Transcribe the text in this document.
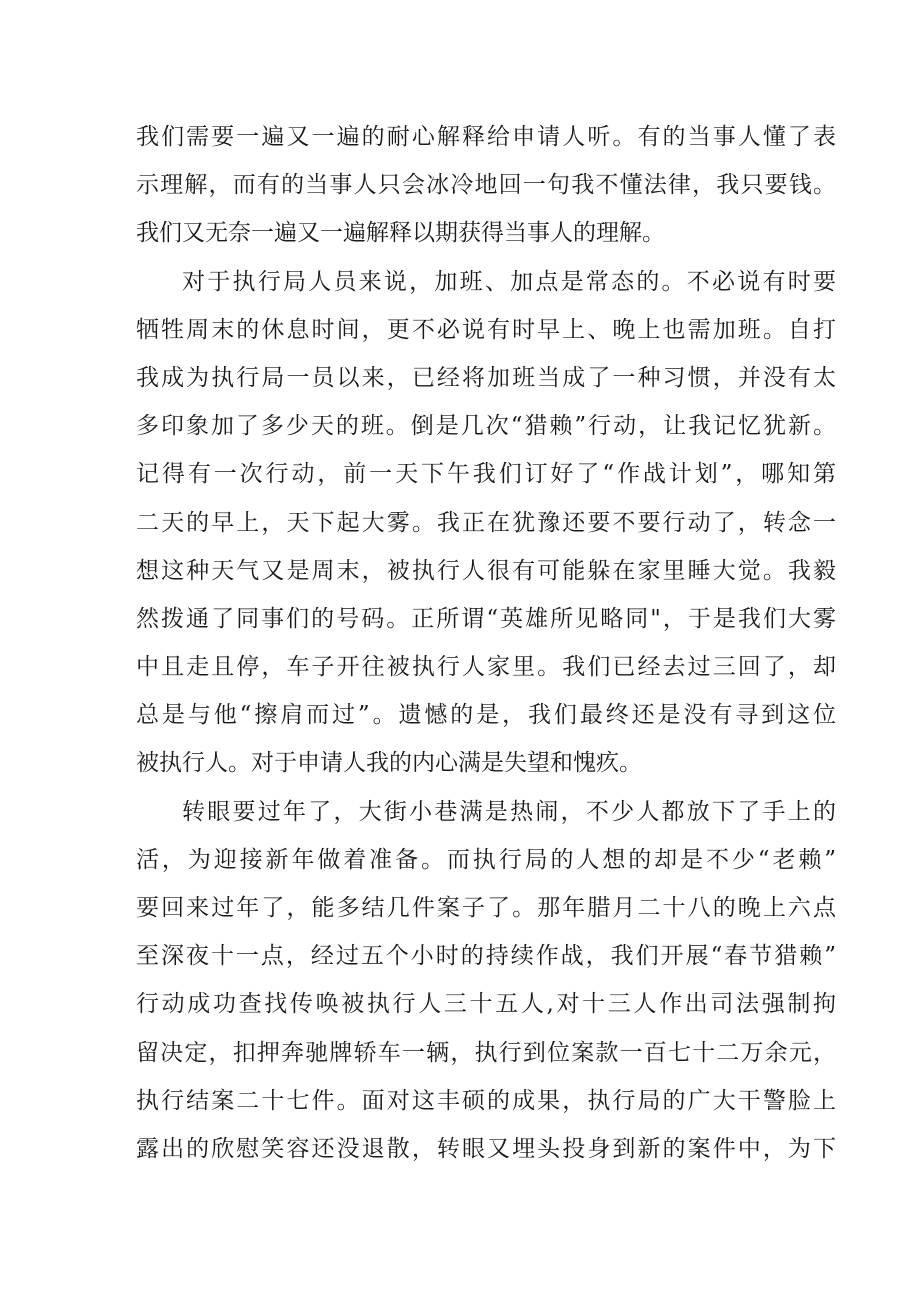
我们需要一遍又一遍的耐心解释给申请人听。有的当事人懂了表
示理解，而有的当事人只会冰冷地回一句我不懂法律，我只要钱。
我们又无奈一遍又一遍解释以期获得当事人的理解。
对于执行局人员来说，加班、加点是常态的。不必说有时要
牺牲周末的休息时间，更不必说有时早上、晚上也需加班。自打
我成为执行局一员以来，已经将加班当成了一种习惯，并没有太
多印象加了多少天的班。倒是几次“猎赖”行动，让我记忆犹新。
记得有一次行动，前一天下午我们订好了“作战计划”，哪知第
二天的早上，天下起大雾。我正在犹豫还要不要行动了，转念一
想这种天气又是周末，被执行人很有可能躲在家里睡大觉。我毅
然拨通了同事们的号码。正所谓“英雄所见略同"，于是我们大雾
中且走且停，车子开往被执行人家里。我们已经去过三回了，却
总是与他“擦肩而过”。遗憾的是，我们最终还是没有寻到这位
被执行人。对于申请人我的内心满是失望和愧疚。
转眼要过年了，大街小巷满是热闹，不少人都放下了手上的
活，为迎接新年做着准备。而执行局的人想的却是不少“老赖”
要回来过年了，能多结几件案子了。那年腊月二十八的晚上六点
至深夜十一点，经过五个小时的持续作战，我们开展“春节猎赖”
行动成功查找传唤被执行人三十五人,对十三人作出司法强制拘
留决定，扣押奔驰牌轿车一辆，执行到位案款一百七十二万余元，
执行结案二十七件。面对这丰硕的成果，执行局的广大干警脸上
露出的欣慰笑容还没退散，转眼又埋头投身到新的案件中，为下
